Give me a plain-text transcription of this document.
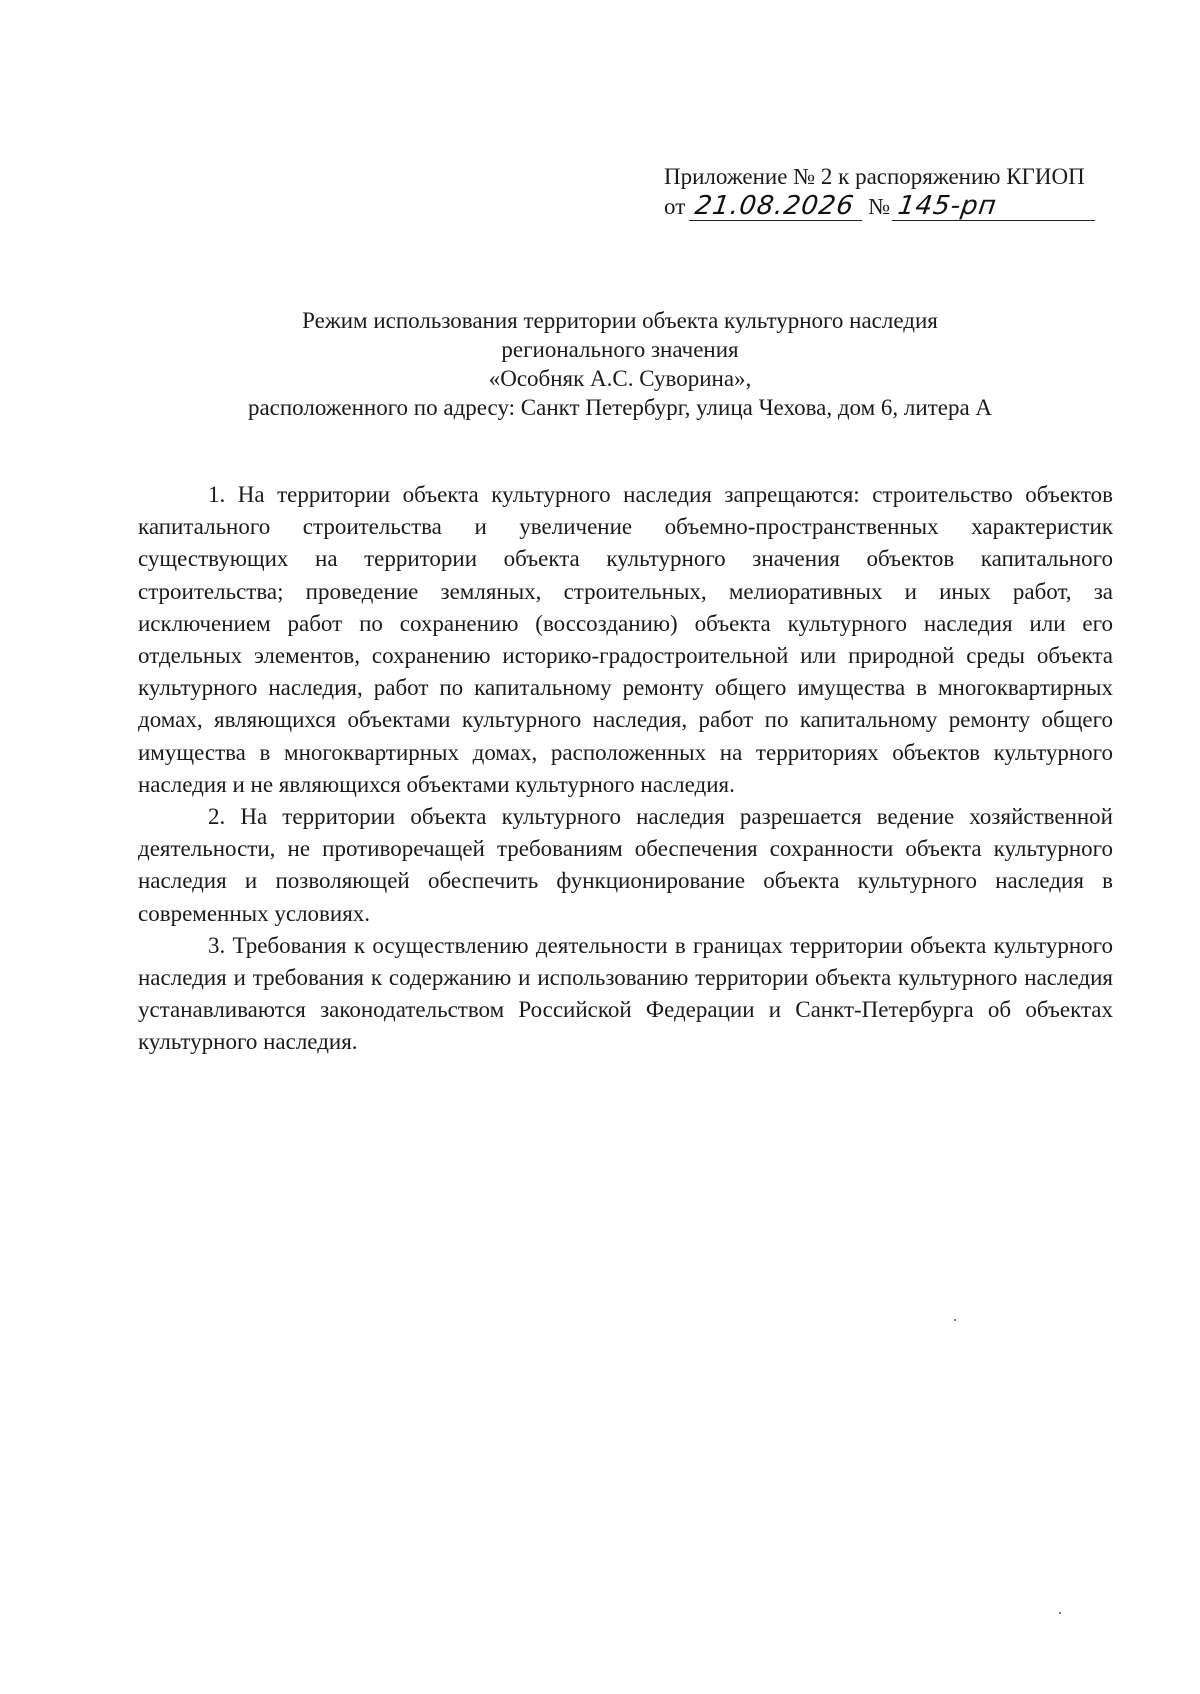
Приложение № 2 к распоряжению КГИОП
от 21.08.2026 № 145-рп
Режим использования территории объекта культурного наследия
регионального значения
«Особняк А.С. Суворина»,
расположенного по адресу: Санкт Петербург, улица Чехова, дом 6, литера А

1. На территории объекта культурного наследия запрещаются: строительство объектов капитального строительства и увеличение объемно-пространственных характеристик существующих на территории объекта культурного значения объектов капитального строительства; проведение земляных, строительных, мелиоративных и иных работ, за исключением работ по сохранению (воссозданию) объекта культурного наследия или его отдельных элементов, сохранению историко-градостроительной или природной среды объекта культурного наследия, работ по капитальному ремонту общего имущества в многоквартирных домах, являющихся объектами культурного наследия, работ по капитальному ремонту общего имущества в многоквартирных домах, расположенных на территориях объектов культурного наследия и не являющихся объектами культурного наследия.

2. На территории объекта культурного наследия разрешается ведение хозяйственной деятельности, не противоречащей требованиям обеспечения сохранности объекта культурного наследия и позволяющей обеспечить функционирование объекта культурного наследия в современных условиях.

3. Требования к осуществлению деятельности в границах территории объекта культурного наследия и требования к содержанию и использованию территории объекта культурного наследия устанавливаются законодательством Российской Федерации и Санкт-Петербурга об объектах культурного наследия.
